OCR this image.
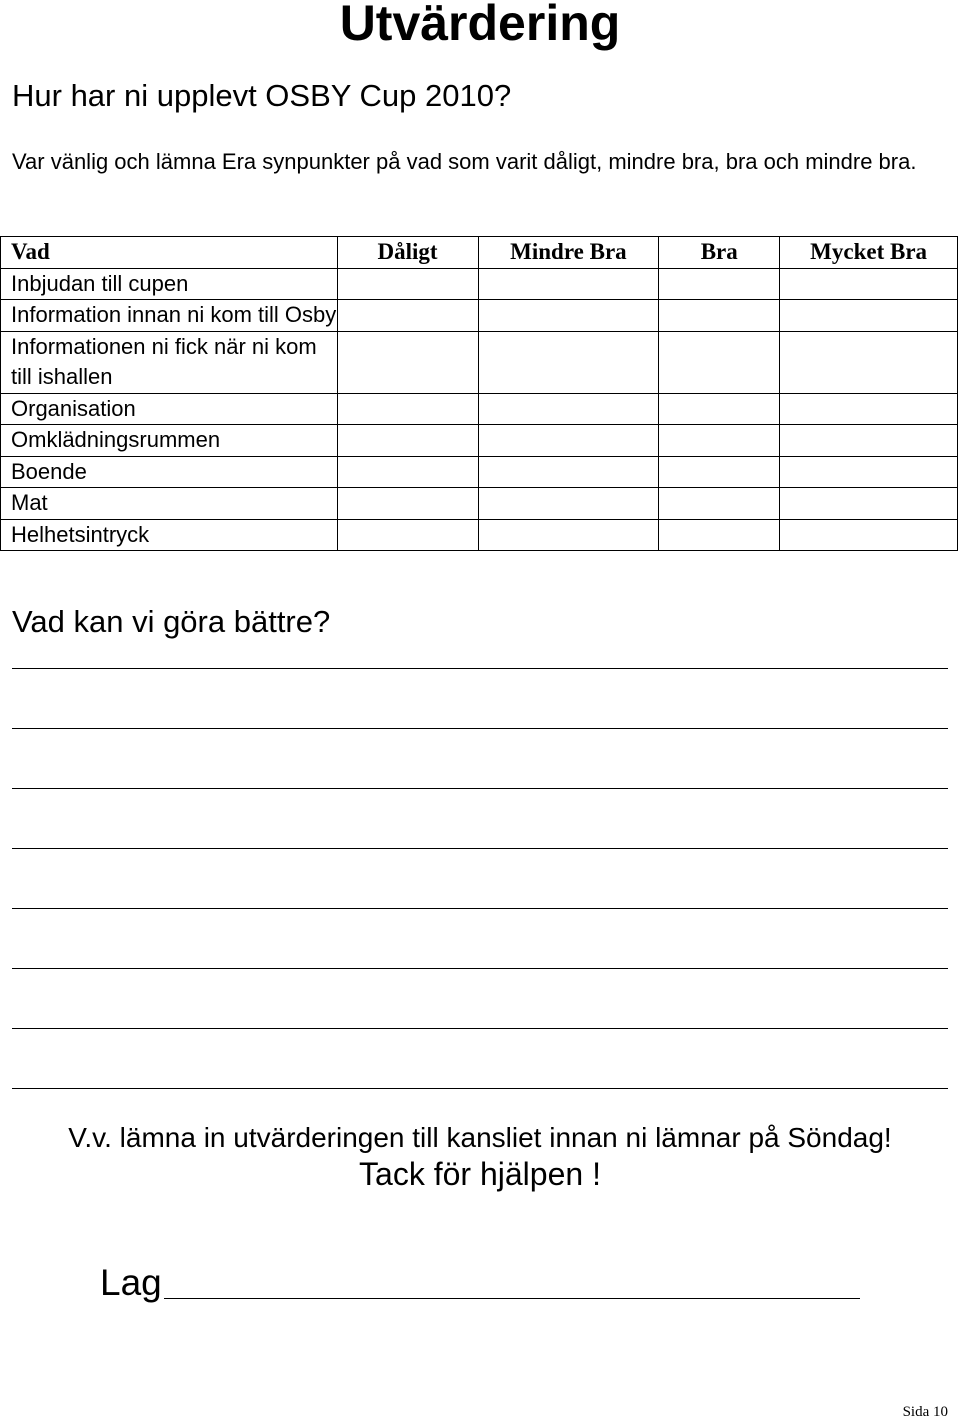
Utvärdering
Hur har ni upplevt OSBY Cup 2010?
Var vänlig och lämna Era synpunkter på vad som varit dåligt, mindre bra, bra och mindre bra.
Vad	Dåligt	Mindre Bra	Bra	Mycket Bra
Inbjudan till cupen				
Information innan ni kom till Osby				
Informationen ni fick när ni kom till ishallen				
Organisation				
Omklädningsrummen				
Boende				
Mat				
Helhetsintryck				
Vad kan vi göra bättre?
V.v. lämna in utvärderingen till kansliet innan ni lämnar på Söndag!
Tack för hjälpen !
Lag
Sida 10
